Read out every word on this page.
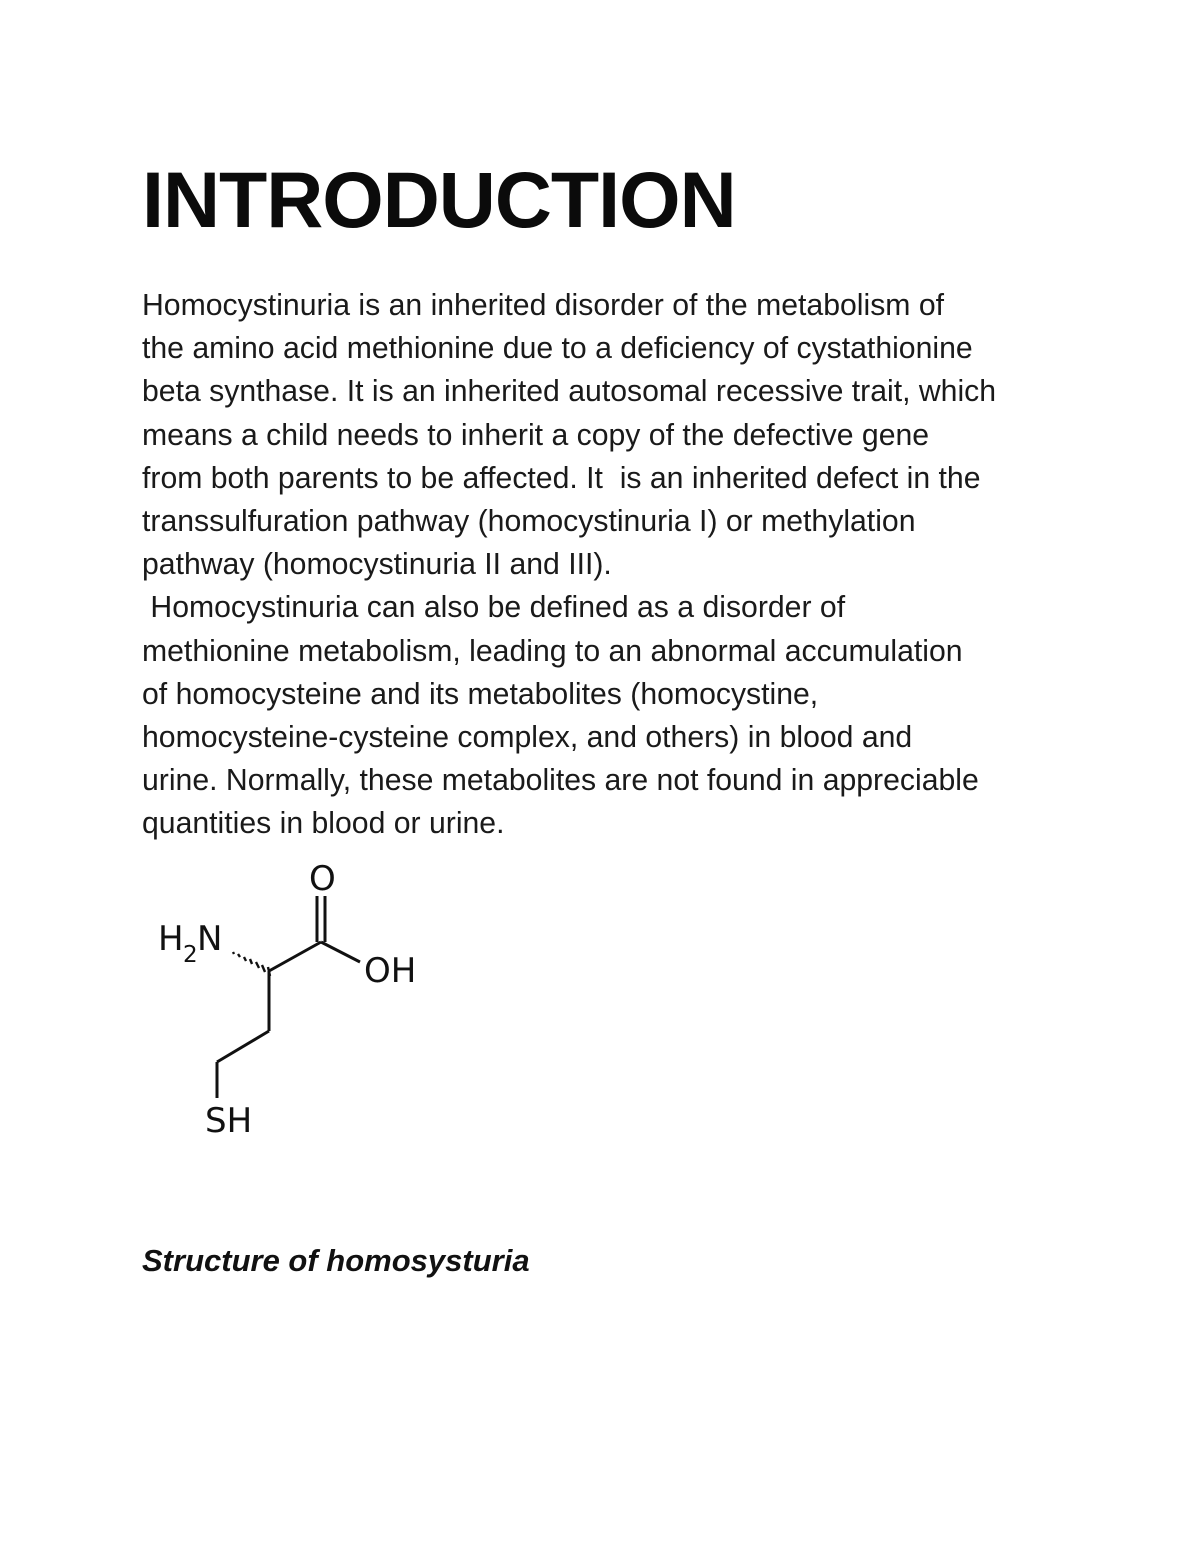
INTRODUCTION
Homocystinuria is an inherited disorder of the metabolism of
the amino acid methionine due to a deficiency of cystathionine
beta synthase. It is an inherited autosomal recessive trait, which
means a child needs to inherit a copy of the defective gene
from both parents to be affected. It  is an inherited defect in the
transsulfuration pathway (homocystinuria I) or methylation
pathway (homocystinuria II and III).
Homocystinuria can also be defined as a disorder of
methionine metabolism, leading to an abnormal accumulation
of homocysteine and its metabolites (homocystine,
homocysteine-cysteine complex, and others) in blood and
urine. Normally, these metabolites are not found in appreciable
quantities in blood or urine.
O
OH
H 2 N
SH

Structure of homosysturia
